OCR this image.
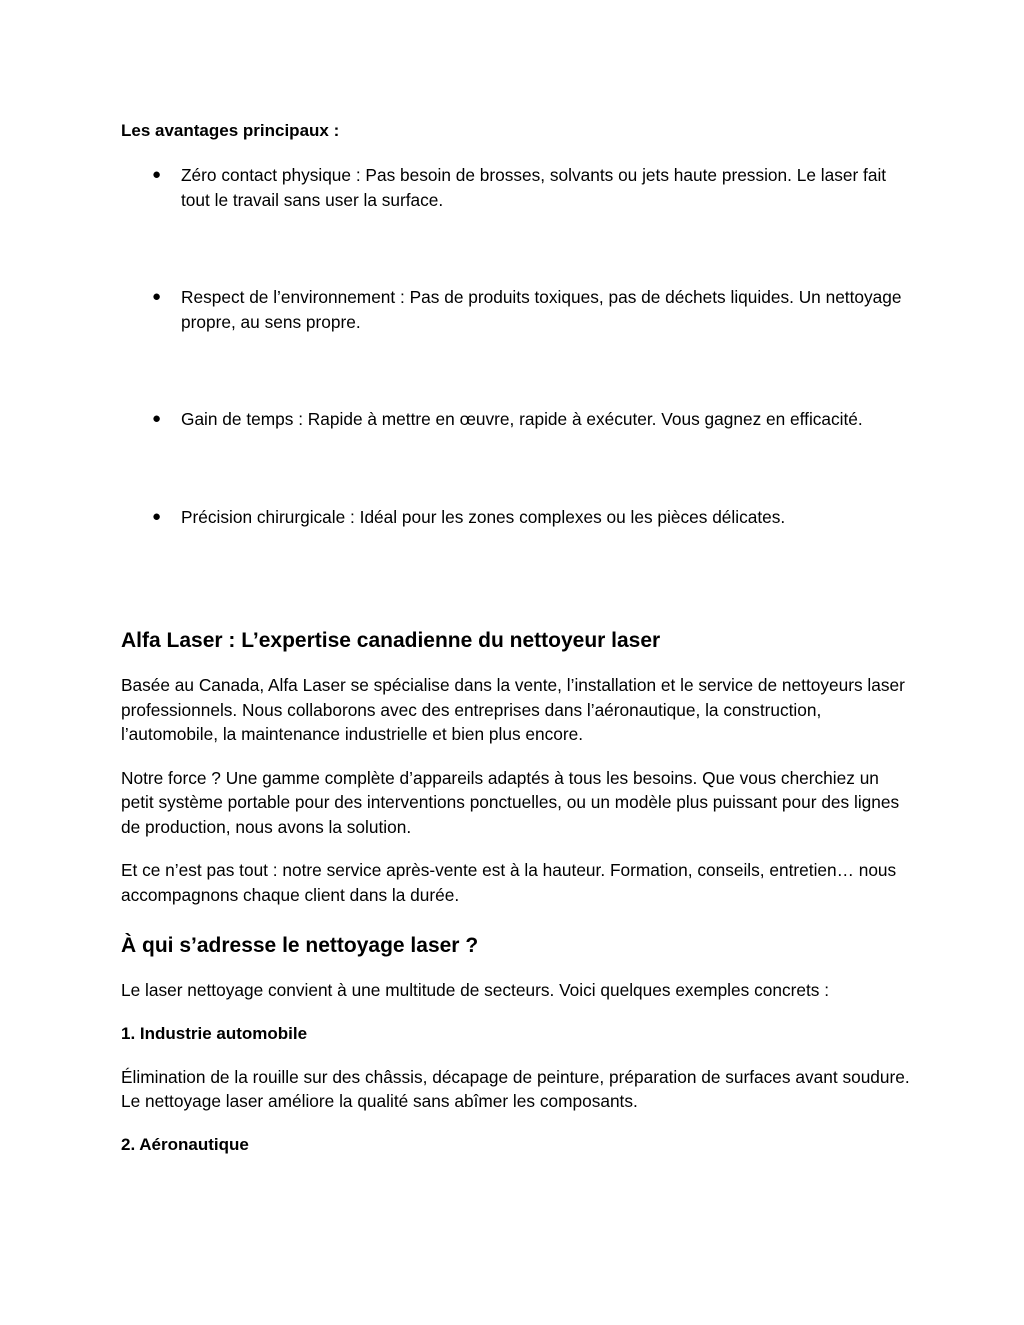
Les avantages principaux :

● Zéro contact physique : Pas besoin de brosses, solvants ou jets haute pression. Le laser fait tout le travail sans user la surface.
● Respect de l’environnement : Pas de produits toxiques, pas de déchets liquides. Un nettoyage propre, au sens propre.
● Gain de temps : Rapide à mettre en œuvre, rapide à exécuter. Vous gagnez en efficacité.
● Précision chirurgicale : Idéal pour les zones complexes ou les pièces délicates.
Alfa Laser : L’expertise canadienne du nettoyeur laser

Basée au Canada, Alfa Laser se spécialise dans la vente, l’installation et le service de nettoyeurs laser professionnels. Nous collaborons avec des entreprises dans l’aéronautique, la construction, l’automobile, la maintenance industrielle et bien plus encore.

Notre force ? Une gamme complète d’appareils adaptés à tous les besoins. Que vous cherchiez un petit système portable pour des interventions ponctuelles, ou un modèle plus puissant pour des lignes de production, nous avons la solution.

Et ce n’est pas tout : notre service après-vente est à la hauteur. Formation, conseils, entretien… nous accompagnons chaque client dans la durée.

À qui s’adresse le nettoyage laser ?

Le laser nettoyage convient à une multitude de secteurs. Voici quelques exemples concrets :

1. Industrie automobile

Élimination de la rouille sur des châssis, décapage de peinture, préparation de surfaces avant soudure. Le nettoyage laser améliore la qualité sans abîmer les composants.

2. Aéronautique
